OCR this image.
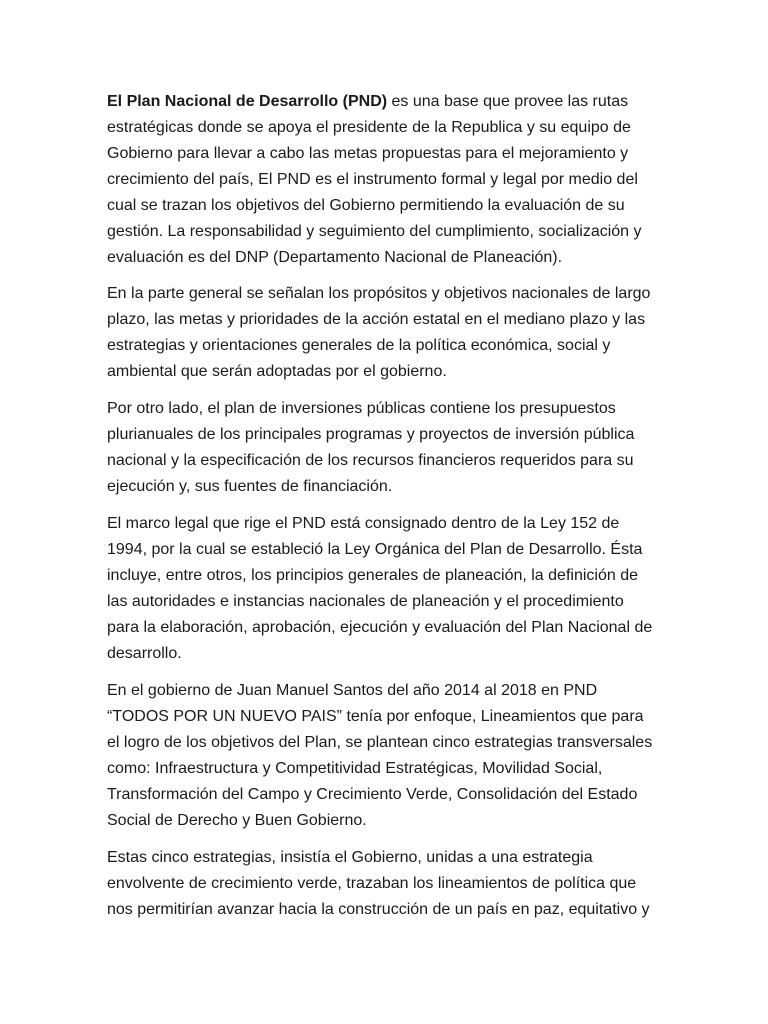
El Plan Nacional de Desarrollo (PND) es una base que provee las rutas estratégicas donde se apoya el presidente de la Republica y su equipo de Gobierno para llevar a cabo las metas propuestas para el mejoramiento y crecimiento del país, El PND es el instrumento formal y legal por medio del cual se trazan los objetivos del Gobierno permitiendo la evaluación de su gestión. La responsabilidad y seguimiento del cumplimiento, socialización y evaluación es del DNP (Departamento Nacional de Planeación).

En la parte general se señalan los propósitos y objetivos nacionales de largo plazo, las metas y prioridades de la acción estatal en el mediano plazo y las estrategias y orientaciones generales de la política económica, social y ambiental que serán adoptadas por el gobierno.

Por otro lado, el plan de inversiones públicas contiene los presupuestos plurianuales de los principales programas y proyectos de inversión pública nacional y la especificación de los recursos financieros requeridos para su ejecución y, sus fuentes de financiación.

El marco legal que rige el PND está consignado dentro de la Ley 152 de 1994, por la cual se estableció la Ley Orgánica del Plan de Desarrollo. Ésta incluye, entre otros, los principios generales de planeación, la definición de las autoridades e instancias nacionales de planeación y el procedimiento para la elaboración, aprobación, ejecución y evaluación del Plan Nacional de desarrollo.

En el gobierno de Juan Manuel Santos del año 2014 al 2018 en PND “TODOS POR UN NUEVO PAIS” tenía por enfoque, Lineamientos que para el logro de los objetivos del Plan, se plantean cinco estrategias transversales como: Infraestructura y Competitividad Estratégicas, Movilidad Social, Transformación del Campo y Crecimiento Verde, Consolidación del Estado Social de Derecho y Buen Gobierno.

Estas cinco estrategias, insistía el Gobierno, unidas a una estrategia envolvente de crecimiento verde, trazaban los lineamientos de política que nos permitirían avanzar hacia la construcción de un país en paz, equitativo y
